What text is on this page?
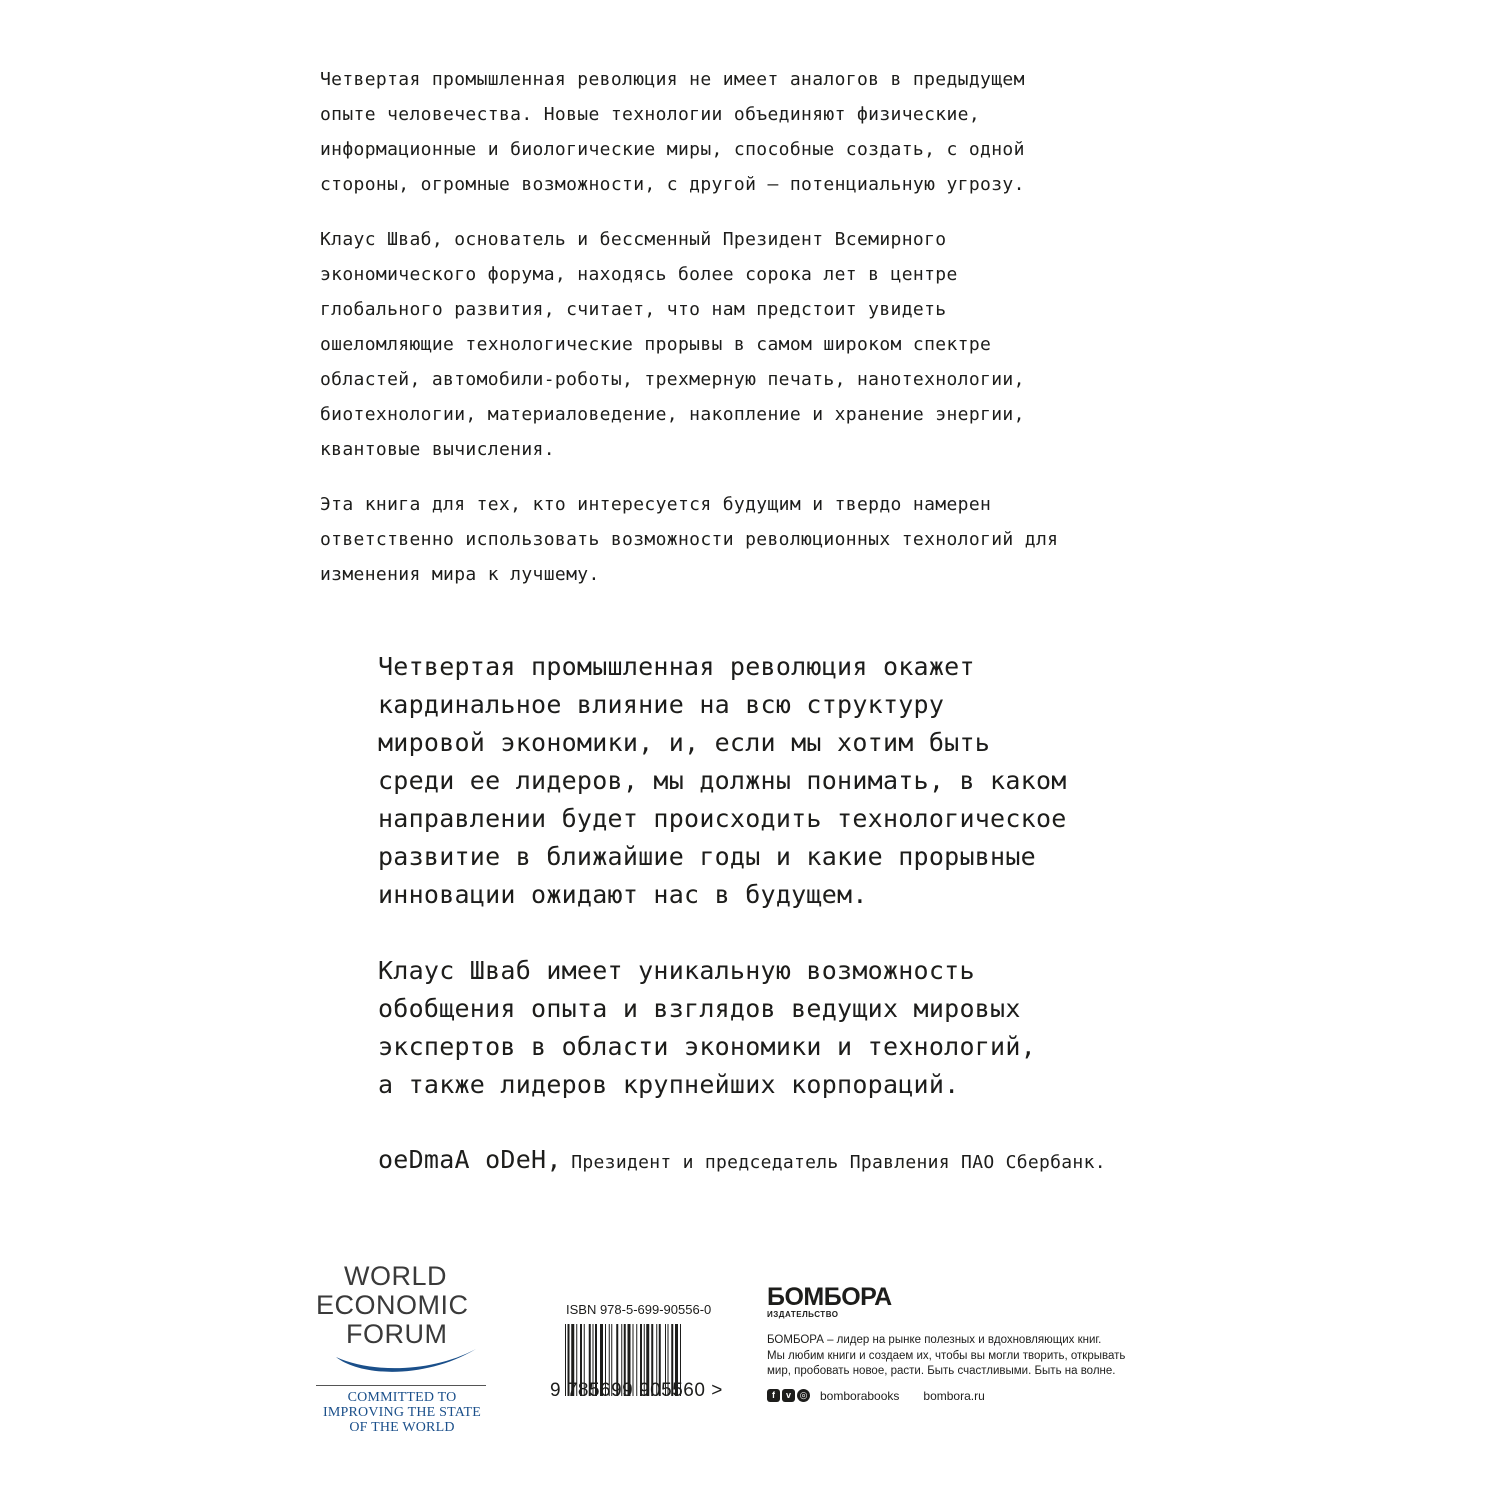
Четвертая промышленная революция не имеет аналогов в предыдущем
опыте человечества. Новые технологии объединяют физические,
информационные и биологические миры, способные создать, с одной
стороны, огромные возможности, с другой – потенциальную угрозу.

Клаус Шваб, основатель и бессменный Президент Всемирного
экономического форума, находясь более сорока лет в центре
глобального развития, считает, что нам предстоит увидеть
ошеломляющие технологические прорывы в самом широком спектре
областей, автомобили-роботы, трехмерную печать, нанотехнологии,
биотехнологии, материаловедение, накопление и хранение энергии,
квантовые вычисления.

Эта книга для тех, кто интересуется будущим и твердо намерен
ответственно использовать возможности революционных технологий для
изменения мира к лучшему.

Четвертая промышленная революция окажет
кардинальное влияние на всю структуру
мировой экономики, и, если мы хотим быть
среди ее лидеров, мы должны понимать, в каком
направлении будет происходить технологическое
развитие в ближайшие годы и какие прорывные
инновации ожидают нас в будущем.

Клаус Шваб имеет уникальную возможность
обобщения опыта и взглядов ведущих мировых
экспертов в области экономики и технологий,
а также лидеров крупнейших корпораций.

oeDmaA oDeH, Президент и председатель Правления ПАО Сбербанк.
WORLD
ECONOMIC
FORUM
COMMITTED TO
IMPROVING THE STATE
OF THE WORLD
ISBN 978-5-699-90556-0
9 785699 905560 >
БОМБОРА
ИЗДАТЕЛЬСТВО
БОМБОРА – лидер на рынке полезных и вдохновляющих книг.
Мы любим книги и создаем их, чтобы вы могли творить, открывать
мир, пробовать новое, расти. Быть счастливыми. Быть на волне.
f	v ◎ bomborabooks bombora.ru
